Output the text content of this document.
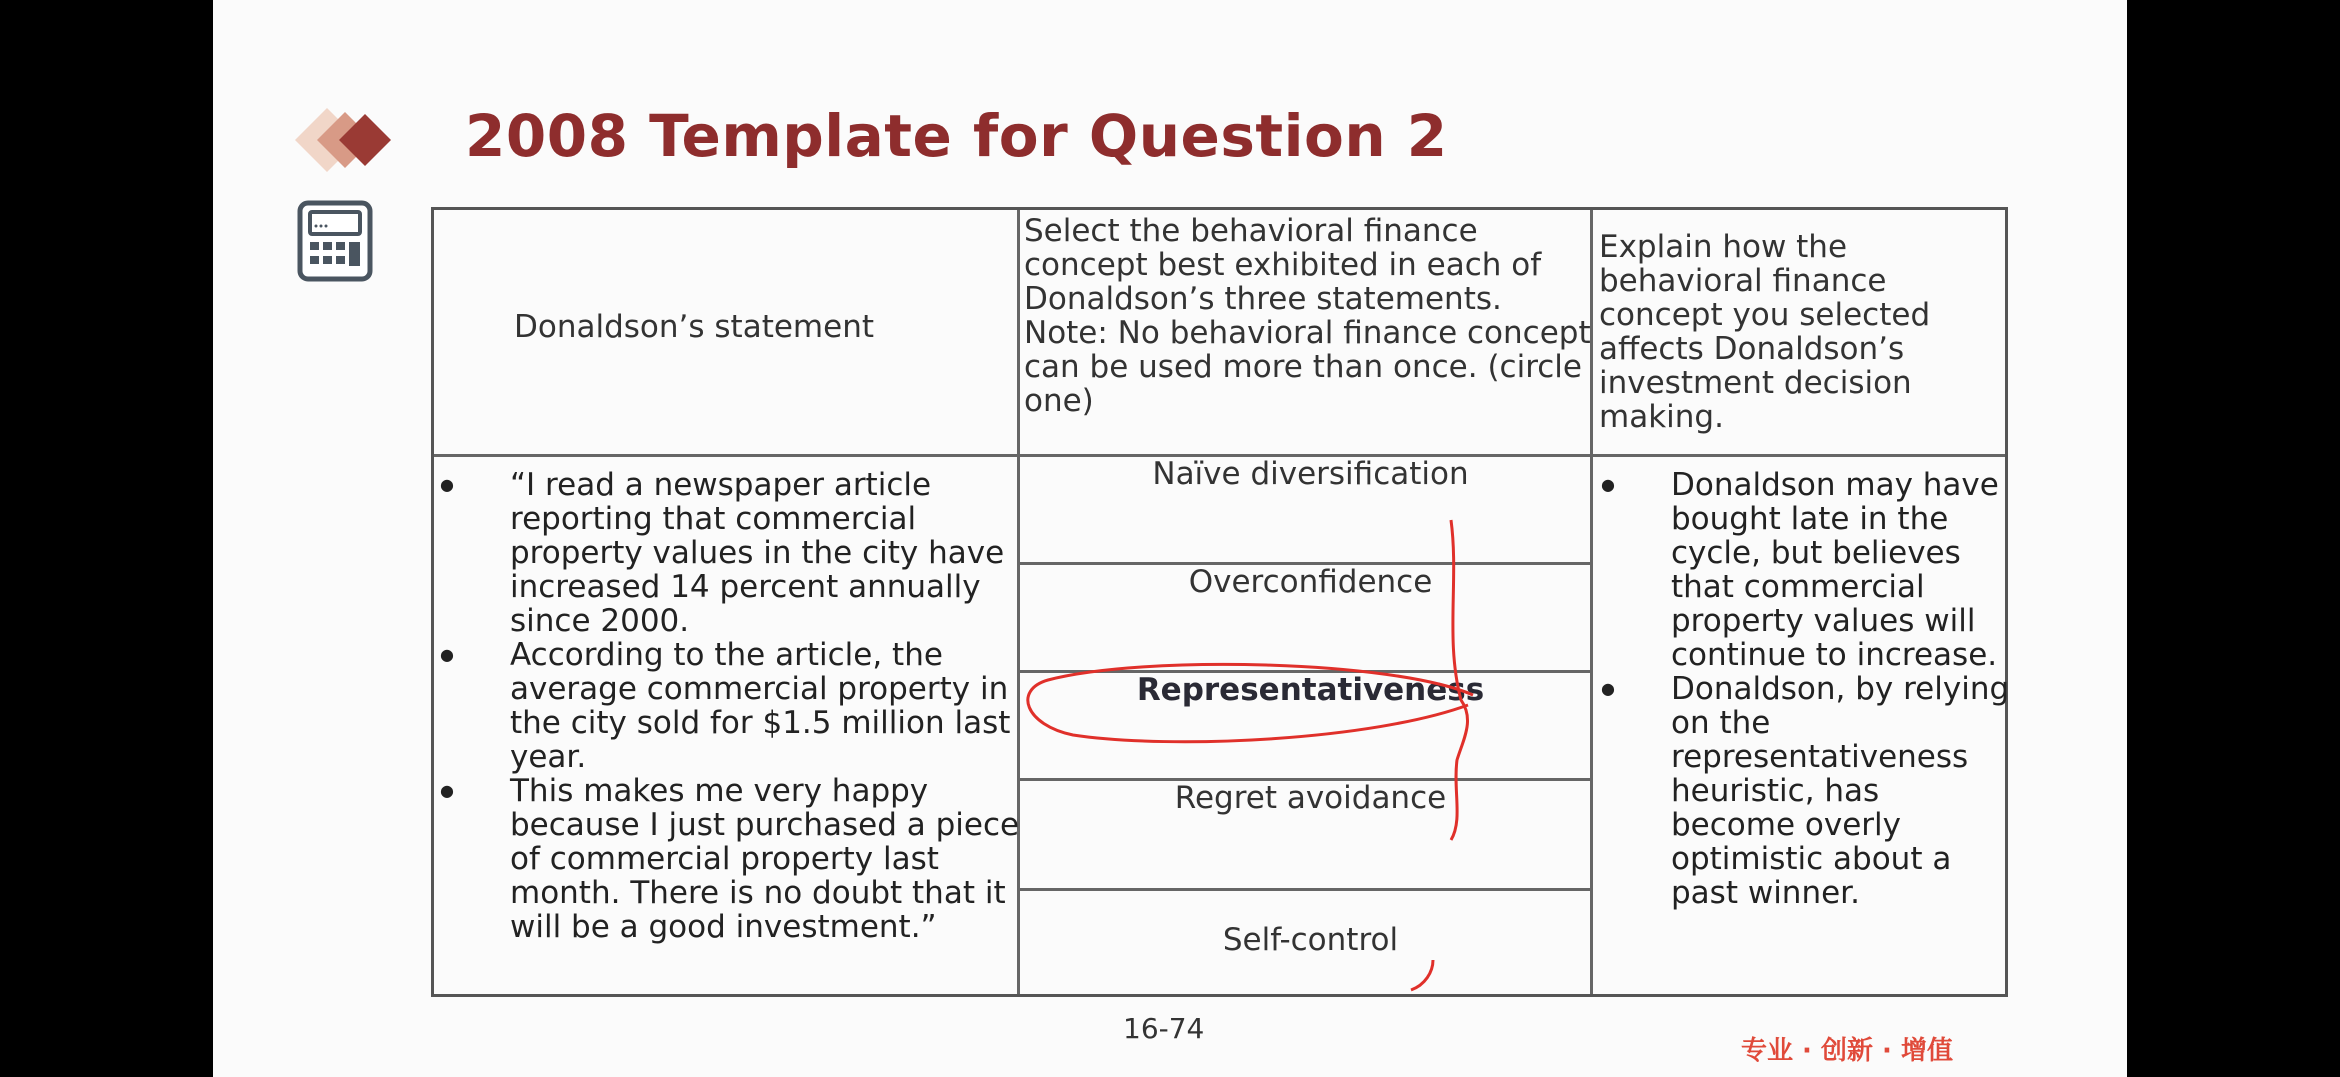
2008 Template for Question 2
Donaldson’s statement
Select the behavioral finance concept best exhibited in each of Donaldson’s three statements. Note: No behavioral finance concept can be used more than once. (circle one)
Explain how the behavioral finance concept you selected affects Donaldson’s investment decision making.
● “I read a newspaper article reporting that commercial property values in the city have increased 14 percent annually since 2000.
● According to the article, the average commercial property in the city sold for $1.5 million last year.
● This makes me very happy because I just purchased a piece of commercial property last month. There is no doubt that it will be a good investment.”
Naïve diversification
Overconfidence
Representativeness
Regret avoidance
Self-control
● Donaldson may have bought late in the cycle, but believes that commercial property values will continue to increase.
● Donaldson, by relying on the representativeness heuristic, has become overly optimistic about a past winner.
16-74
专业 · 创新 · 增值
